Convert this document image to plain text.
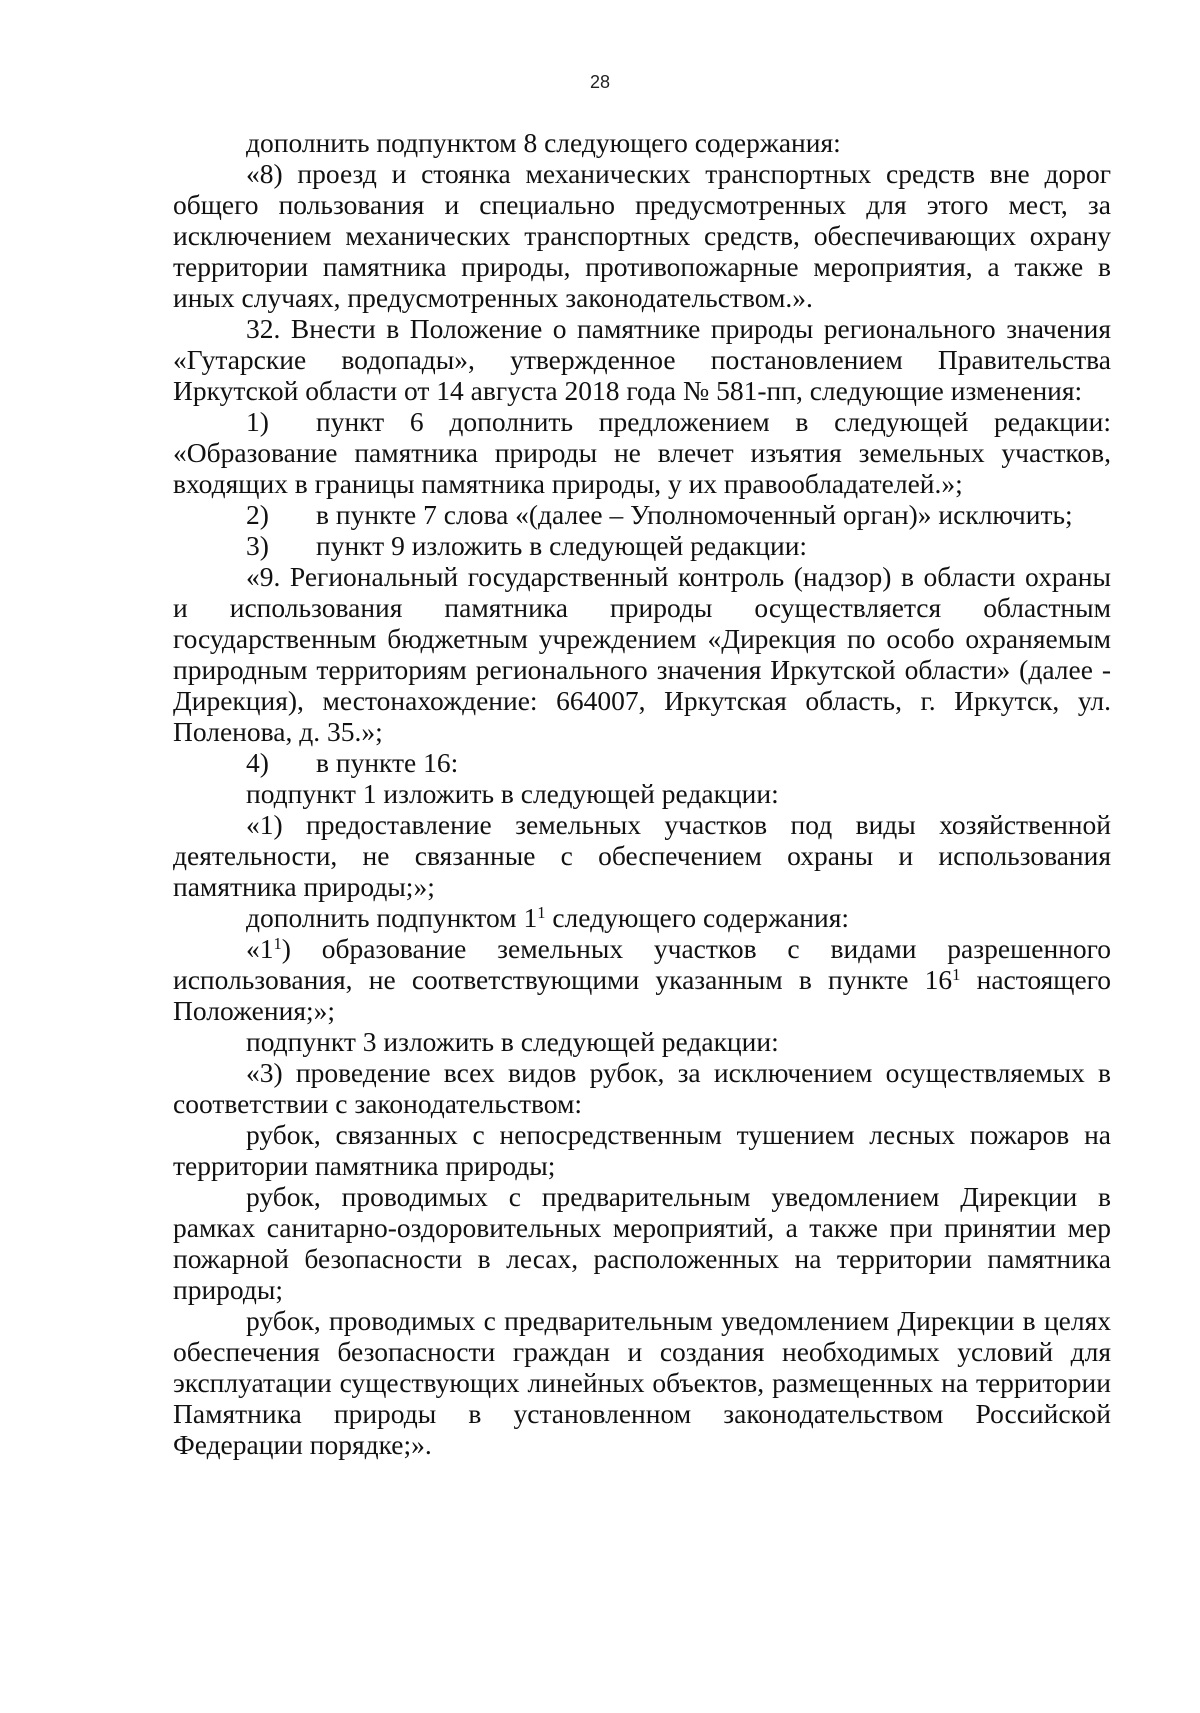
28

дополнить подпунктом 8 следующего содержания:

«8) проезд и стоянка механических транспортных средств вне дорог общего пользования и специально предусмотренных для этого мест, за исключением механических транспортных средств, обеспечивающих охрану территории памятника природы, противопожарные мероприятия, а также в иных случаях, предусмотренных законодательством.».

32. Внести в Положение о памятнике природы регионального значения «Гутарские водопады», утвержденное постановлением Правительства Иркутской области от 14 августа 2018 года № 581-пп, следующие изменения:

1)	пункт 6 дополнить предложением в следующей редакции:

«Образование памятника природы не влечет изъятия земельных участков, входящих в границы памятника природы, у их правообладателей.»;

2)	в пункте 7 слова «(далее – Уполномоченный орган)» исключить;
3)	пункт 9 изложить в следующей редакции:

«9. Региональный государственный контроль (надзор) в области охраны и использования памятника природы осуществляется областным государственным бюджетным учреждением «Дирекция по особо охраняемым природным территориям регионального значения Иркутской области» (далее - Дирекция), местонахождение: 664007, Иркутская область, г. Иркутск, ул. Поленова, д. 35.»;

4)	в пункте 16:

подпункт 1 изложить в следующей редакции:

«1) предоставление земельных участков под виды хозяйственной деятельности, не связанные с обеспечением охраны и использования памятника природы;»;

дополнить подпунктом $1^1$ следующего содержания:

«$1^1$) образование земельных участков с видами разрешенного использования, не соответствующими указанным в пункте $16^1$ настоящего Положения;»;

подпункт 3 изложить в следующей редакции:

«3) проведение всех видов рубок, за исключением осуществляемых в соответствии с законодательством:

рубок, связанных с непосредственным тушением лесных пожаров на территории памятника природы;

рубок, проводимых с предварительным уведомлением Дирекции в рамках санитарно-оздоровительных мероприятий, а также при принятии мер пожарной безопасности в лесах, расположенных на территории памятника природы;

рубок, проводимых с предварительным уведомлением Дирекции в целях обеспечения безопасности граждан и создания необходимых условий для эксплуатации существующих линейных объектов, размещенных на территории Памятника природы в установленном законодательством Российской Федерации порядке;».
